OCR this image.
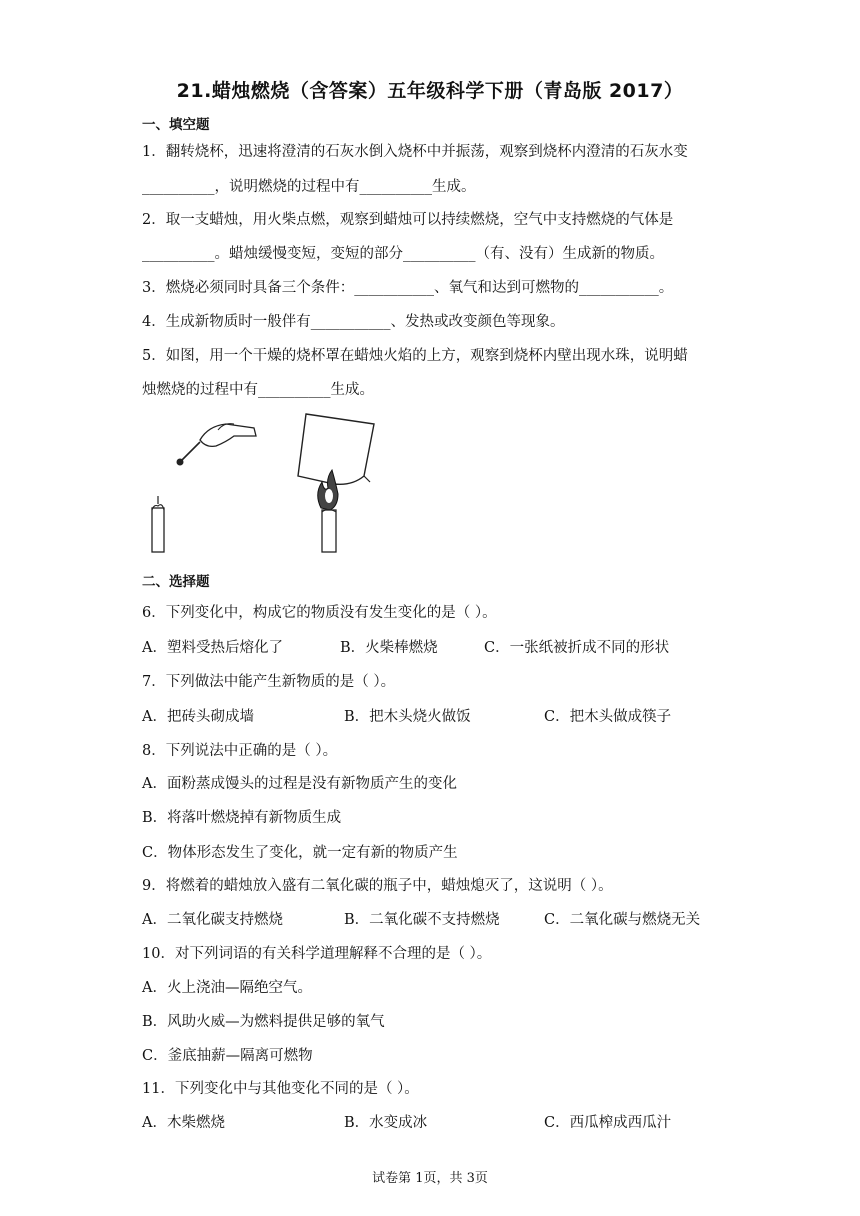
21.蜡烛燃烧（含答案）五年级科学下册（青岛版 2017）
一、填空题
1．翻转烧杯，迅速将澄清的石灰水倒入烧杯中并振荡，观察到烧杯内澄清的石灰水变
__________，说明燃烧的过程中有__________生成。
2．取一支蜡烛，用火柴点燃，观察到蜡烛可以持续燃烧，空气中支持燃烧的气体是
__________。蜡烛缓慢变短，变短的部分__________（有、没有）生成新的物质。
3．燃烧必须同时具备三个条件：___________、氧气和达到可燃物的___________。
4．生成新物质时一般伴有___________、发热或改变颜色等现象。
5．如图，用一个干燥的烧杯罩在蜡烛火焰的上方，观察到烧杯内壁出现水珠，说明蜡
烛燃烧的过程中有__________生成。
二、选择题
6．下列变化中，构成它的物质没有发生变化的是（ ）。
A．塑料受热后熔化了	B．火柴棒燃烧	C．一张纸被折成不同的形状
7．下列做法中能产生新物质的是（ ）。
A．把砖头砌成墙	B．把木头烧火做饭	C．把木头做成筷子
8．下列说法中正确的是（ ）。
A．面粉蒸成馒头的过程是没有新物质产生的变化
B．将落叶燃烧掉有新物质生成
C．物体形态发生了变化，就一定有新的物质产生
9．将燃着的蜡烛放入盛有二氧化碳的瓶子中，蜡烛熄灭了，这说明（ ）。
A．二氧化碳支持燃烧	B．二氧化碳不支持燃烧	C．二氧化碳与燃烧无关
10．对下列词语的有关科学道理解释不合理的是（ ）。
A．火上浇油—隔绝空气。
B．风助火威—为燃料提供足够的氧气
C．釜底抽薪—隔离可燃物
11．下列变化中与其他变化不同的是（ ）。
A．木柴燃烧	B．水变成冰	C．西瓜榨成西瓜汁
试卷第 1页，共 3页
